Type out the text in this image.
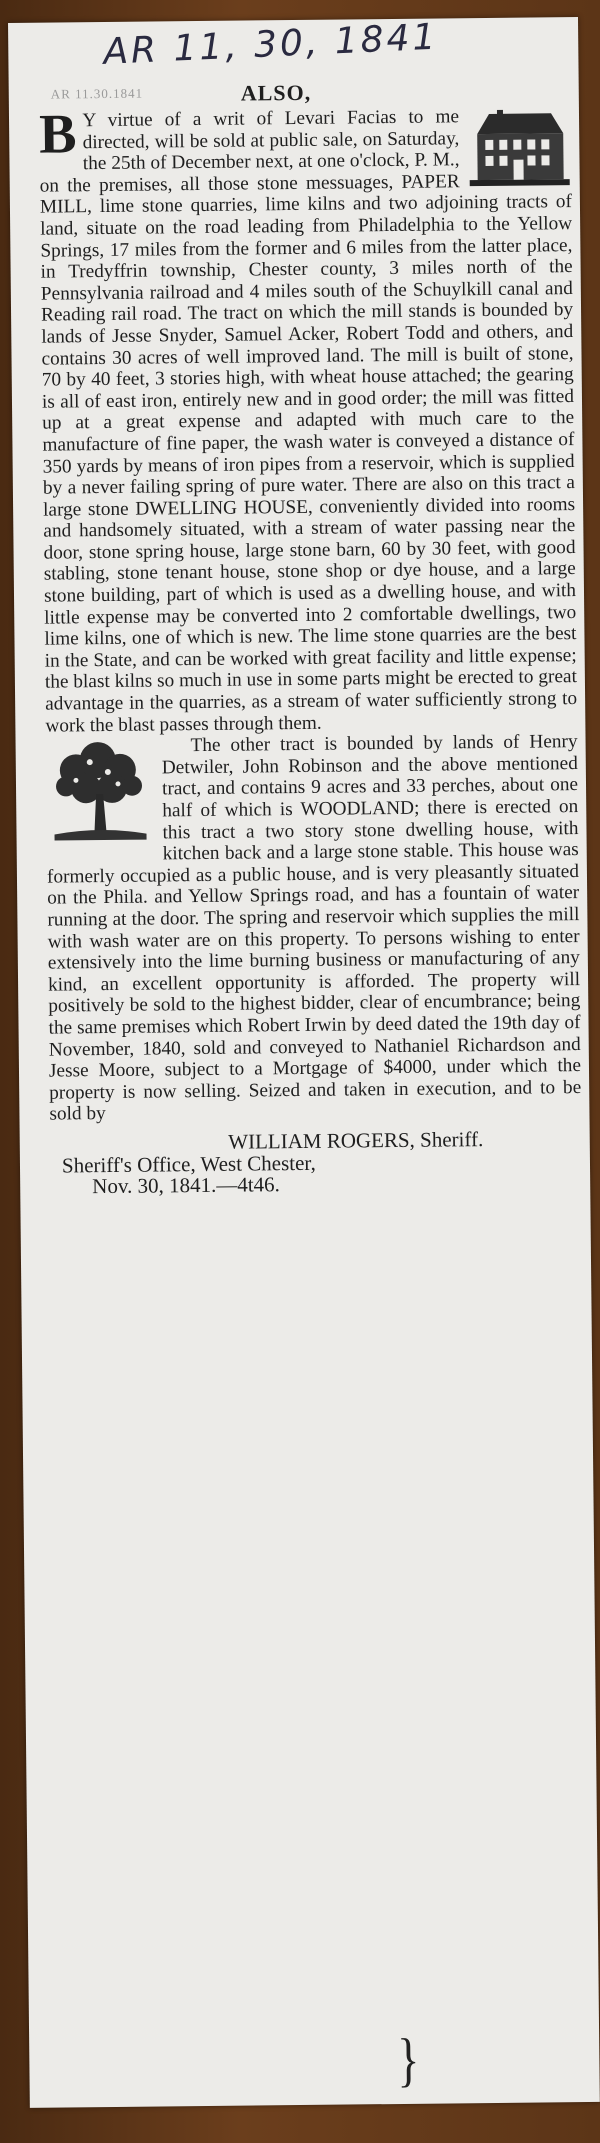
AR 11, 30, 1841
AR 11.30.1841	ALSO,

B Y virtue of a writ of Levari Facias to me directed, will be sold at public sale, on Saturday, the 25th of December next, at one o'clock, P. M., on the premises, all those stone messuages, PAPER MILL, lime stone quarries, lime kilns and two adjoining tracts of land, situate on the road leading from Philadelphia to the Yellow Springs, 17 miles from the former and 6 miles from the latter place, in Tredyffrin township, Chester county, 3 miles north of the Pennsylvania railroad and 4 miles south of the Schuylkill canal and Reading rail road. The tract on which the mill stands is bounded by lands of Jesse Snyder, Samuel Acker, Robert Todd and others, and contains 30 acres of well improved land. The mill is built of stone, 70 by 40 feet, 3 stories high, with wheat house attached; the gearing is all of east iron, entirely new and in good order; the mill was fitted up at a great expense and adapted with much care to the manufacture of fine paper, the wash water is conveyed a distance of 350 yards by means of iron pipes from a reservoir, which is supplied by a never failing spring of pure water. There are also on this tract a large stone DWELLING HOUSE, conveniently divided into rooms and handsomely situated, with a stream of water passing near the door, stone spring house, large stone barn, 60 by 30 feet, with good stabling, stone tenant house, stone shop or dye house, and a large stone building, part of which is used as a dwelling house, and with little expense may be converted into 2 comfortable dwellings, two lime kilns, one of which is new. The lime stone quarries are the best in the State, and can be worked with great facility and little expense; the blast kilns so much in use in some parts might be erected to great advantage in the quarries, as a stream of water sufficiently strong to work the blast passes through them.

The other tract is bounded by lands of Henry Detwiler, John Robinson and the above mentioned tract, and contains 9 acres and 33 perches, about one half of which is WOODLAND; there is erected on this tract a two story stone dwelling house, with kitchen back and a large stone stable. This house was formerly occupied as a public house, and is very pleasantly situated on the Phila. and Yellow Springs road, and has a fountain of water running at the door. The spring and reservoir which supplies the mill with wash water are on this property. To persons wishing to enter extensively into the lime burning business or manufacturing of any kind, an excellent opportunity is afforded. The property will positively be sold to the highest bidder, clear of encumbrance; being the same premises which Robert Irwin by deed dated the 19th day of November, 1840, sold and conveyed to Nathaniel Richardson and Jesse Moore, subject to a Mortgage of $4000, under which the property is now selling. Seized and taken in execution, and to be sold by

WILLIAM ROGERS, Sheriff.
Sheriff's Office, West Chester,
Nov. 30, 1841.—4t46.

}
